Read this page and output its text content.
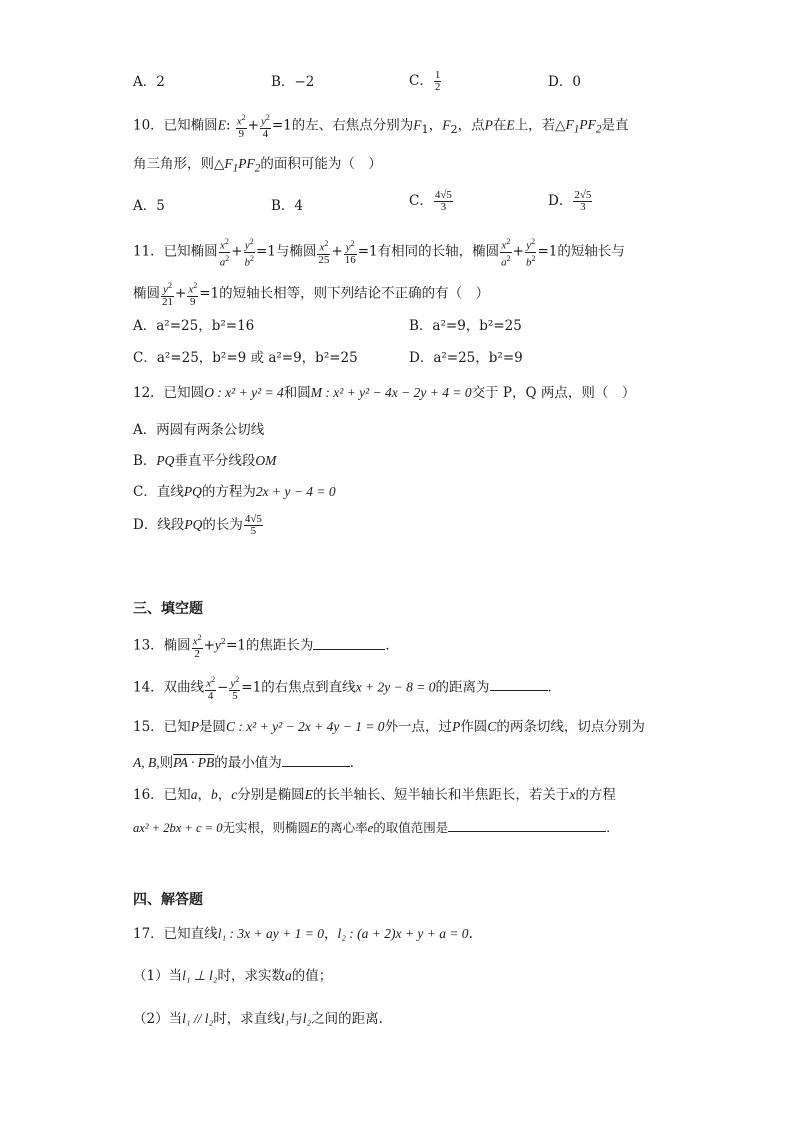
A．2	B．−2	C． $\frac{1}{2}$	D．0
10．已知椭圆E: $\frac{x^2}{9} + \frac{y^2}{4} =1$的左、右焦点分别为$F_1$，$F_2$，点P在E上，若$\triangle F_1PF_2$是直
角三角形，则$\triangle F_1PF_2$的面积可能为（　）
A．5	B．4	C． $\frac{4√5}{3}$	D． $\frac{2√5}{3}$
11．已知椭圆 $\frac{x^2}{a^2} + \frac{y^2}{b^2} =1$与椭圆 $\frac{x^2}{25} + \frac{y^2}{16} =1$有相同的长轴，椭圆 $\frac{x^2}{a^2} + \frac{y^2}{b^2} =1$的短轴长与
椭圆 $\frac{y^2}{21} + \frac{x^2}{9} =1$的短轴长相等，则下列结论不正确的有（　）
A．a²=25，b²=16	B．a²=9，b²=25
C．a²=25，b²=9 或 a²=9，b²=25	D．a²=25，b²=9
12．已知圆O : x² + y² = 4和圆M : x² + y² − 4x − 2y + 4 = 0交于 P，Q 两点，则（　）
A．两圆有两条公切线
B．PQ垂直平分线段OM
C．直线PQ的方程为2x + y − 4 = 0
D．线段PQ的长为 $\frac{4√5}{5}$
三、填空题
13．椭圆 $\frac{x^2}{2} +y^2=1$的焦距长为	．
14．双曲线 $\frac{x^2}{4} - \frac{y^2}{5} =1$的右焦点到直线x + 2y − 8 = 0的距离为	．
15．已知P是圆C : x² + y² − 2x + 4y − 1 = 0外一点，过P作圆C的两条切线，切点分别为
A, B,则PA · PB的最小值为	．
16．已知a，b，c分别是椭圆E的长半轴长、短半轴长和半焦距长，若关于x的方程
ax² + 2bx + c = 0无实根，则椭圆E的离心率e的取值范围是	.
四、解答题
17．已知直线l₁ : 3x + ay + 1 = 0，l₂ : (a + 2)x + y + a = 0.
（1）当l₁ ⊥ l₂时，求实数a的值；
（2）当l₁ // l₂时，求直线l₁与l₂之间的距离.
